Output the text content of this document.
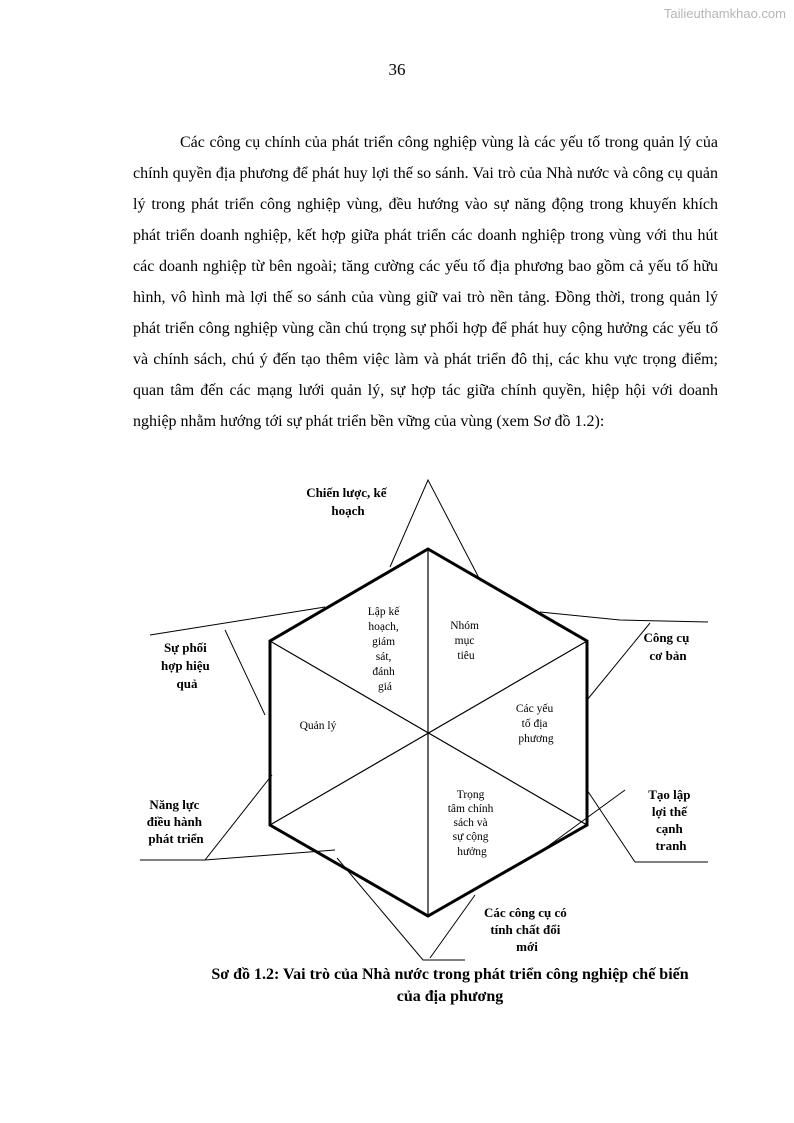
Tailieuthamkhao.com
36

Các công cụ chính của phát triển công nghiệp vùng là các yếu tố trong quản lý của chính quyền địa phương để phát huy lợi thế so sánh. Vai trò của Nhà nước và công cụ quản lý trong phát triển công nghiệp vùng, đều hướng vào sự năng động trong khuyến khích phát triển doanh nghiệp, kết hợp giữa phát triển các doanh nghiệp trong vùng với thu hút các doanh nghiệp từ bên ngoài; tăng cường các yếu tố địa phương bao gồm cả yếu tố hữu hình, vô hình mà lợi thế so sánh của vùng giữ vai trò nền tảng. Đồng thời, trong quản lý phát triển công nghiệp vùng cần chú trọng sự phối hợp để phát huy cộng hưởng các yếu tố và chính sách, chú ý đến tạo thêm việc làm và phát triển đô thị, các khu vực trọng điểm; quan tâm đến các mạng lưới quản lý, sự hợp tác giữa chính quyền, hiệp hội với doanh nghiệp nhằm hướng tới sự phát triển bền vững của vùng (xem Sơ đồ 1.2):

Chiến lược, kế hoạch
Công cụ cơ bản
Tạo lập lợi thế cạnh tranh
Các công cụ có tính chất đổi mới
Năng lực điều hành phát triển
Sự phối hợp hiệu quả
Lập kế hoạch, giám sát, đánh giá
Nhóm mục tiêu
Các yếu tố địa phương
Trọng tâm chính sách và sự cộng hưởng
Quản lý
Sơ đồ 1.2: Vai trò của Nhà nước trong phát triển công nghiệp chế biến
của địa phương
